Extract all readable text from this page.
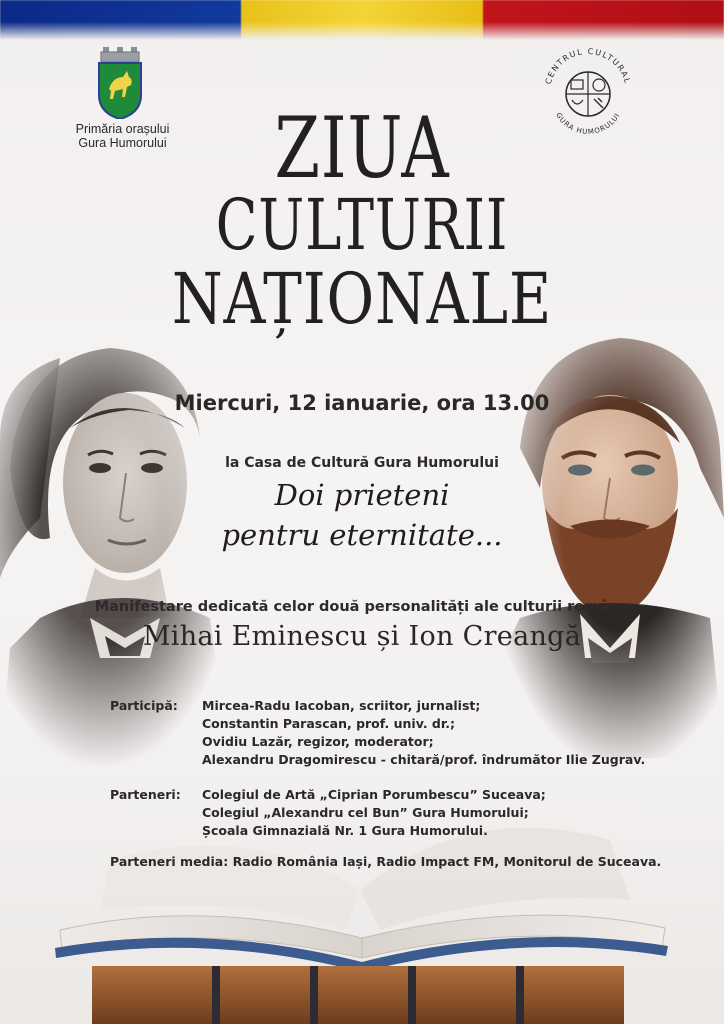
Primăria orașului
Gura Humorului
CENTRUL CULTURAL
GURA HUMORULUI
ZIUA
CULTURII
NAȚIONALE
Miercuri, 12 ianuarie, ora 13.00
la Casa de Cultură Gura Humorului
Doi prieteni
pentru eternitate...
Manifestare dedicată celor două personalități ale culturii române
Mihai Eminescu și Ion Creangă
Participă: Mircea-Radu Iacoban, scriitor, jurnalist;
Constantin Parascan, prof. univ. dr.;
Ovidiu Lazăr, regizor, moderator;
Alexandru Dragomirescu - chitară/prof. îndrumător Ilie Zugrav.
Parteneri: Colegiul de Artă „Ciprian Porumbescu” Suceava;
Colegiul „Alexandru cel Bun” Gura Humorului;
Școala Gimnazială Nr. 1 Gura Humorului.
Parteneri media: Radio România Iași, Radio Impact FM, Monitorul de Suceava.
